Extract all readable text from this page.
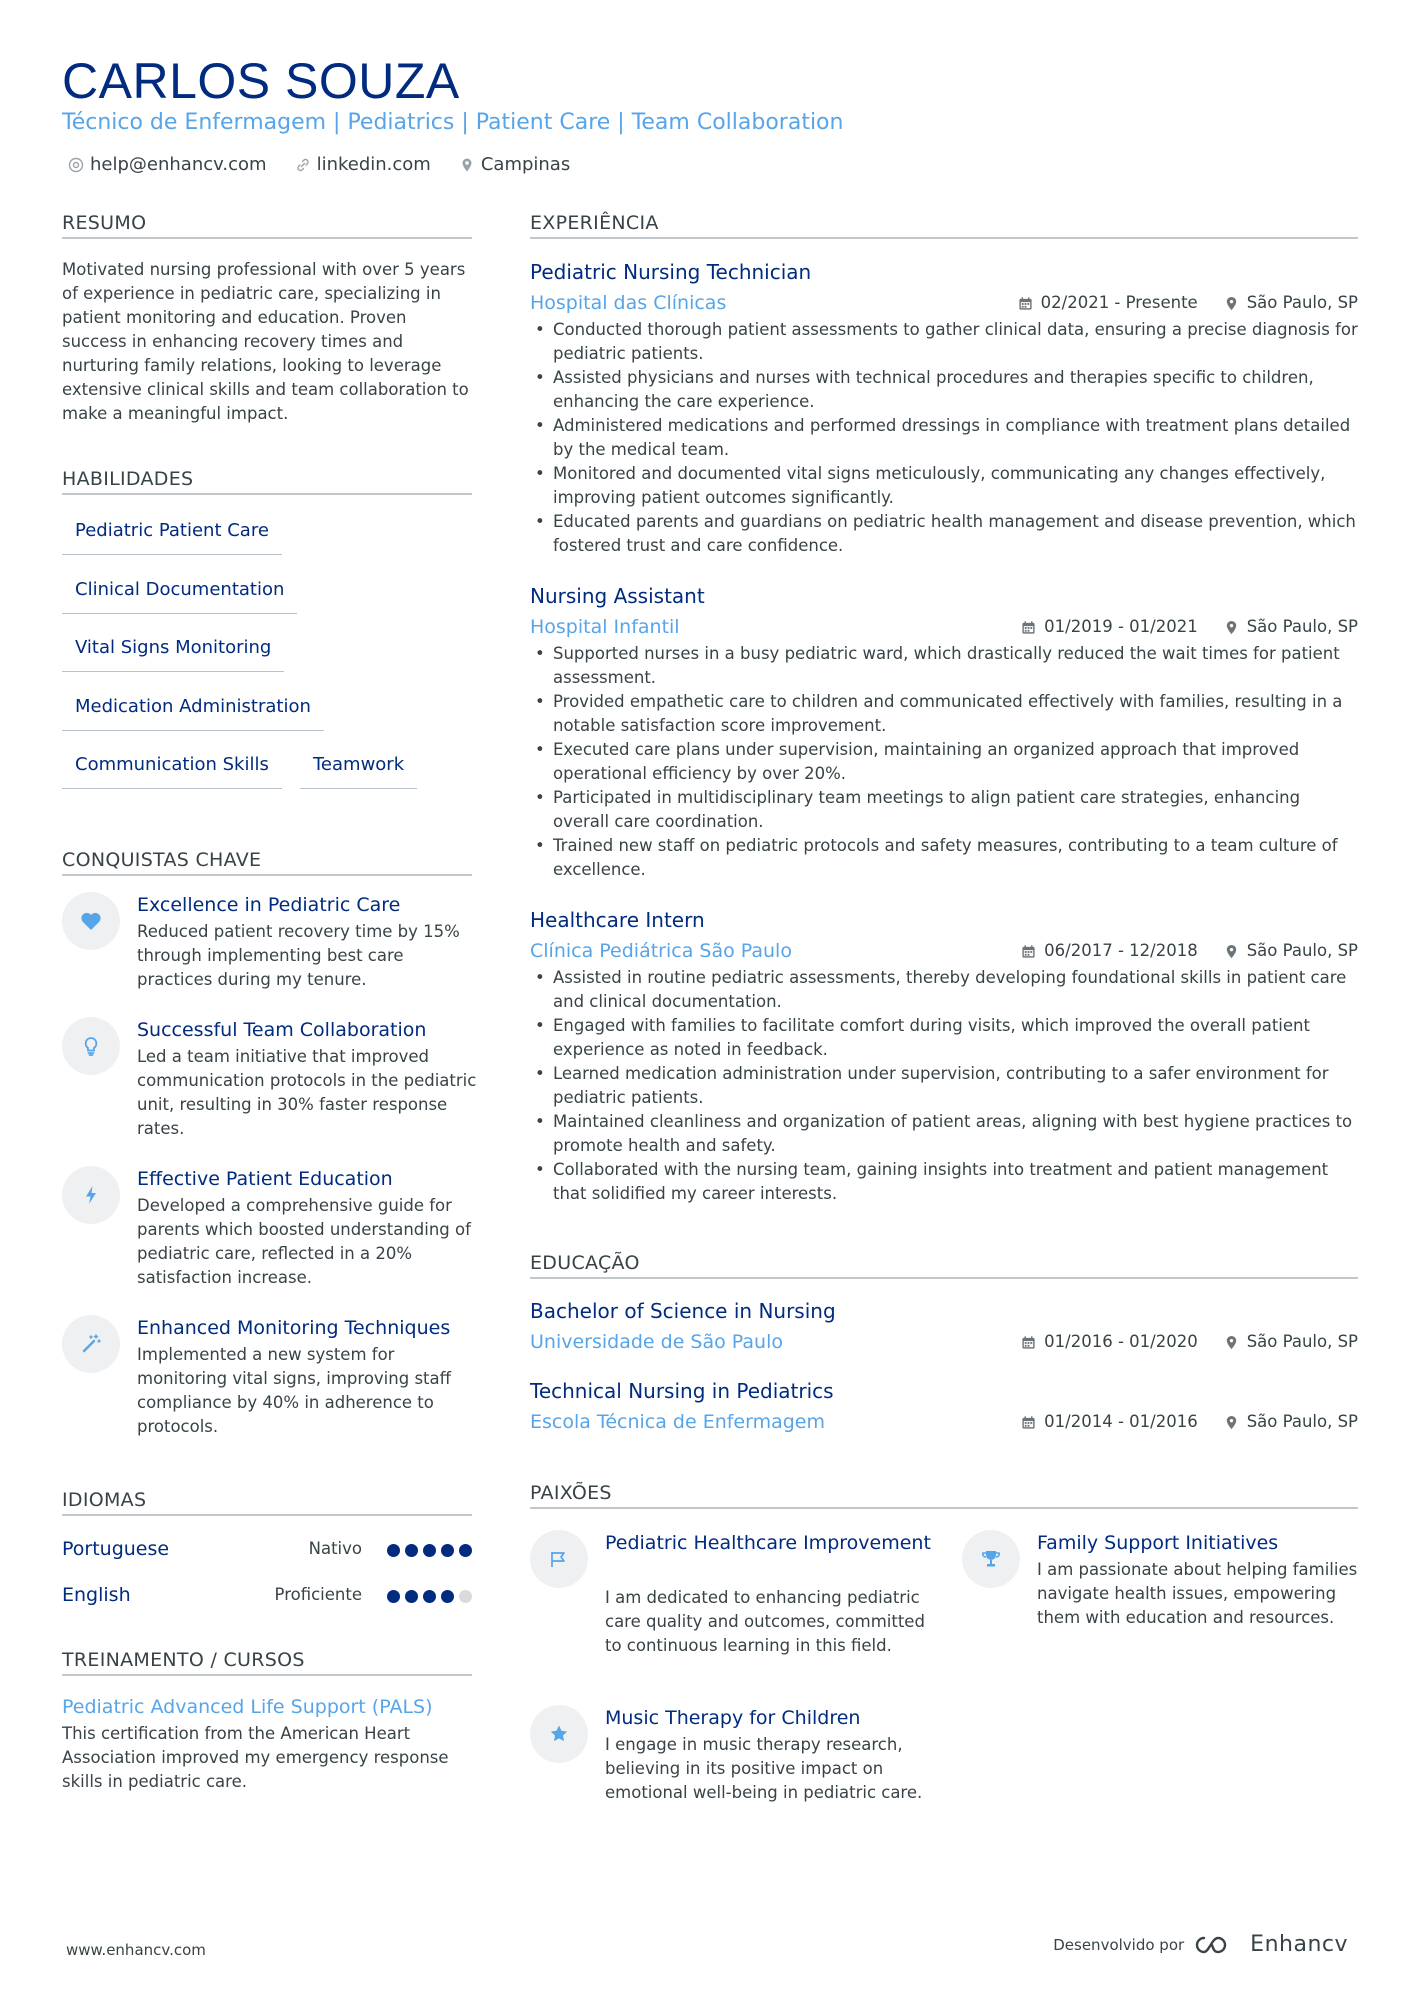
CARLOS SOUZA
Técnico de Enfermagem | Pediatrics | Patient Care | Team Collaboration
help@enhancv.com	linkedin.com	Campinas
RESUMO
Motivated nursing professional with over 5 years of experience in pediatric care, specializing in patient monitoring and education. Proven success in enhancing recovery times and nurturing family relations, looking to leverage extensive clinical skills and team collaboration to make a meaningful impact.
HABILIDADES
Pediatric Patient Care
Clinical Documentation
Vital Signs Monitoring
Medication Administration
Communication Skills	Teamwork
CONQUISTAS CHAVE
Excellence in Pediatric Care
Reduced patient recovery time by 15% through implementing best care practices during my tenure.
Successful Team Collaboration
Led a team initiative that improved communication protocols in the pediatric unit, resulting in 30% faster response rates.
Effective Patient Education
Developed a comprehensive guide for parents which boosted understanding of pediatric care, reflected in a 20% satisfaction increase.
Enhanced Monitoring Techniques
Implemented a new system for monitoring vital signs, improving staff compliance by 40% in adherence to protocols.
IDIOMAS
Portuguese	Nativo
English	Proficiente
TREINAMENTO / CURSOS
Pediatric Advanced Life Support (PALS)
This certification from the American Heart Association improved my emergency response skills in pediatric care.
EXPERIÊNCIA
Pediatric Nursing Technician
Hospital das Clínicas	02/2021 - Presente	São Paulo, SP
• Conducted thorough patient assessments to gather clinical data, ensuring a precise diagnosis for pediatric patients.
• Assisted physicians and nurses with technical procedures and therapies specific to children, enhancing the care experience.
• Administered medications and performed dressings in compliance with treatment plans detailed by the medical team.
• Monitored and documented vital signs meticulously, communicating any changes effectively, improving patient outcomes significantly.
• Educated parents and guardians on pediatric health management and disease prevention, which fostered trust and care confidence.
Nursing Assistant
Hospital Infantil	01/2019 - 01/2021	São Paulo, SP
• Supported nurses in a busy pediatric ward, which drastically reduced the wait times for patient assessment.
• Provided empathetic care to children and communicated effectively with families, resulting in a notable satisfaction score improvement.
• Executed care plans under supervision, maintaining an organized approach that improved operational efficiency by over 20%.
• Participated in multidisciplinary team meetings to align patient care strategies, enhancing overall care coordination.
• Trained new staff on pediatric protocols and safety measures, contributing to a team culture of excellence.
Healthcare Intern
Clínica Pediátrica São Paulo	06/2017 - 12/2018	São Paulo, SP
• Assisted in routine pediatric assessments, thereby developing foundational skills in patient care and clinical documentation.
• Engaged with families to facilitate comfort during visits, which improved the overall patient experience as noted in feedback.
• Learned medication administration under supervision, contributing to a safer environment for pediatric patients.
• Maintained cleanliness and organization of patient areas, aligning with best hygiene practices to promote health and safety.
• Collaborated with the nursing team, gaining insights into treatment and patient management that solidified my career interests.
EDUCAÇÃO
Bachelor of Science in Nursing
Universidade de São Paulo	01/2016 - 01/2020	São Paulo, SP
Technical Nursing in Pediatrics
Escola Técnica de Enfermagem	01/2014 - 01/2016	São Paulo, SP
PAIXÕES
Pediatric Healthcare Improvement
I am dedicated to enhancing pediatric care quality and outcomes, committed to continuous learning in this field.
Family Support Initiatives
I am passionate about helping families navigate health issues, empowering them with education and resources.
Music Therapy for Children
I engage in music therapy research, believing in its positive impact on emotional well-being in pediatric care.
www.enhancv.com	Desenvolvido por	Enhancv
